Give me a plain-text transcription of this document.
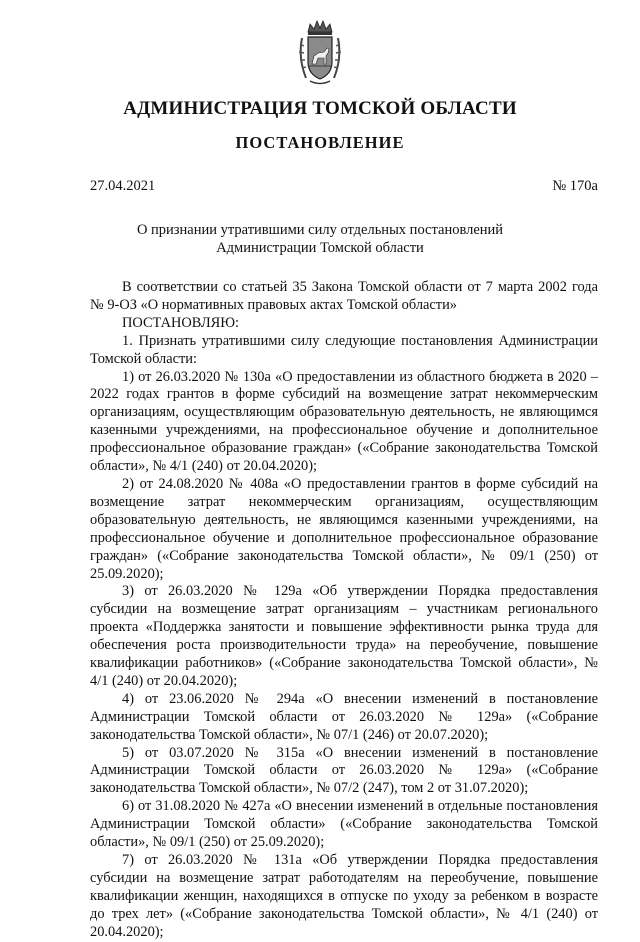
АДМИНИСТРАЦИЯ ТОМСКОЙ ОБЛАСТИ
ПОСТАНОВЛЕНИЕ
27.04.2021	№ 170а
О признании утратившими силу отдельных постановлений
Администрации Томской области

В соответствии со статьей 35 Закона Томской области от 7 марта 2002 года № 9-ОЗ «О нормативных правовых актах Томской области»

ПОСТАНОВЛЯЮ:

1. Признать утратившими силу следующие постановления Администрации Томской области:

1) от 26.03.2020 № 130а «О предоставлении из областного бюджета в 2020 – 2022 годах грантов в форме субсидий на возмещение затрат некоммерческим организациям, осуществляющим образовательную деятельность, не являющимся казенными учреждениями, на профессиональное обучение и дополнительное профессиональное образование граждан» («Собрание законодательства Томской области», № 4/1 (240) от 20.04.2020);

2) от 24.08.2020 № 408а «О предоставлении грантов в форме субсидий на возмещение затрат некоммерческим организациям, осуществляющим образовательную деятельность, не являющимся казенными учреждениями, на профессиональное обучение и дополнительное профессиональное образование граждан» («Собрание законодательства Томской области», № 09/1 (250) от 25.09.2020);

3) от 26.03.2020 № 129а «Об утверждении Порядка предоставления субсидии на возмещение затрат организациям – участникам регионального проекта «Поддержка занятости и повышение эффективности рынка труда для обеспечения роста производительности труда» на переобучение, повышение квалификации работников» («Собрание законодательства Томской области», № 4/1 (240) от 20.04.2020);

4) от 23.06.2020 № 294а «О внесении изменений в постановление Администрации Томской области от 26.03.2020 № 129а» («Собрание законодательства Томской области», № 07/1 (246) от 20.07.2020);

5) от 03.07.2020 № 315а «О внесении изменений в постановление Администрации Томской области от 26.03.2020 № 129а» («Собрание законодательства Томской области», № 07/2 (247), том 2 от 31.07.2020);

6) от 31.08.2020 № 427а «О внесении изменений в отдельные постановления Администрации Томской области» («Собрание законодательства Томской области», № 09/1 (250) от 25.09.2020);

7) от 26.03.2020 № 131а «Об утверждении Порядка предоставления субсидии на возмещение затрат работодателям на переобучение, повышение квалификации женщин, находящихся в отпуске по уходу за ребенком в возрасте до трех лет» («Собрание законодательства Томской области», № 4/1 (240) от 20.04.2020);
